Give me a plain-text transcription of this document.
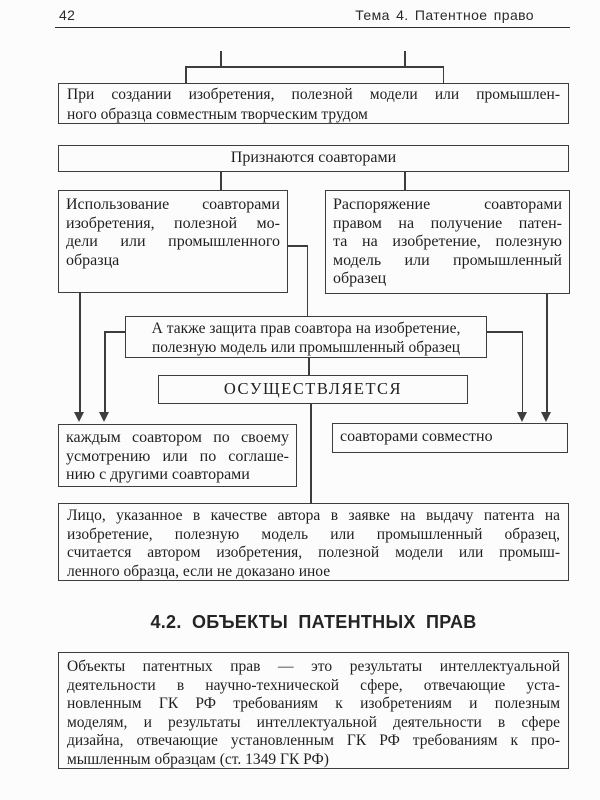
42	Тема 4. Патентное право
При создании изобретения, полезной модели или промышлен-
ного образца совместным творческим трудом
Признаются соавторами
Использование соавторами
изобретения, полезной мо-
дели или промышленного
образца
Распоряжение соавторами
правом на получение патен-
та на изобретение, полезную
модель или промышленный
образец
А также защита прав соавтора на изобретение,
полезную модель или промышленный образец
ОСУЩЕСТВЛЯЕТСЯ
каждым соавтором по своему
усмотрению или по соглаше-
нию с другими соавторами
соавторами совместно
Лицо, указанное в качестве автора в заявке на выдачу патента на
изобретение, полезную модель или промышленный образец,
считается автором изобретения, полезной модели или промыш-
ленного образца, если не доказано иное
4.2. ОБЪЕКТЫ ПАТЕНТНЫХ ПРАВ
Объекты патентных прав — это результаты интеллектуальной
деятельности в научно-технической сфере, отвечающие уста-
новленным ГК РФ требованиям к изобретениям и полезным
моделям, и результаты интеллектуальной деятельности в сфере
дизайна, отвечающие установленным ГК РФ требованиям к про-
мышленным образцам (ст. 1349 ГК РФ)
